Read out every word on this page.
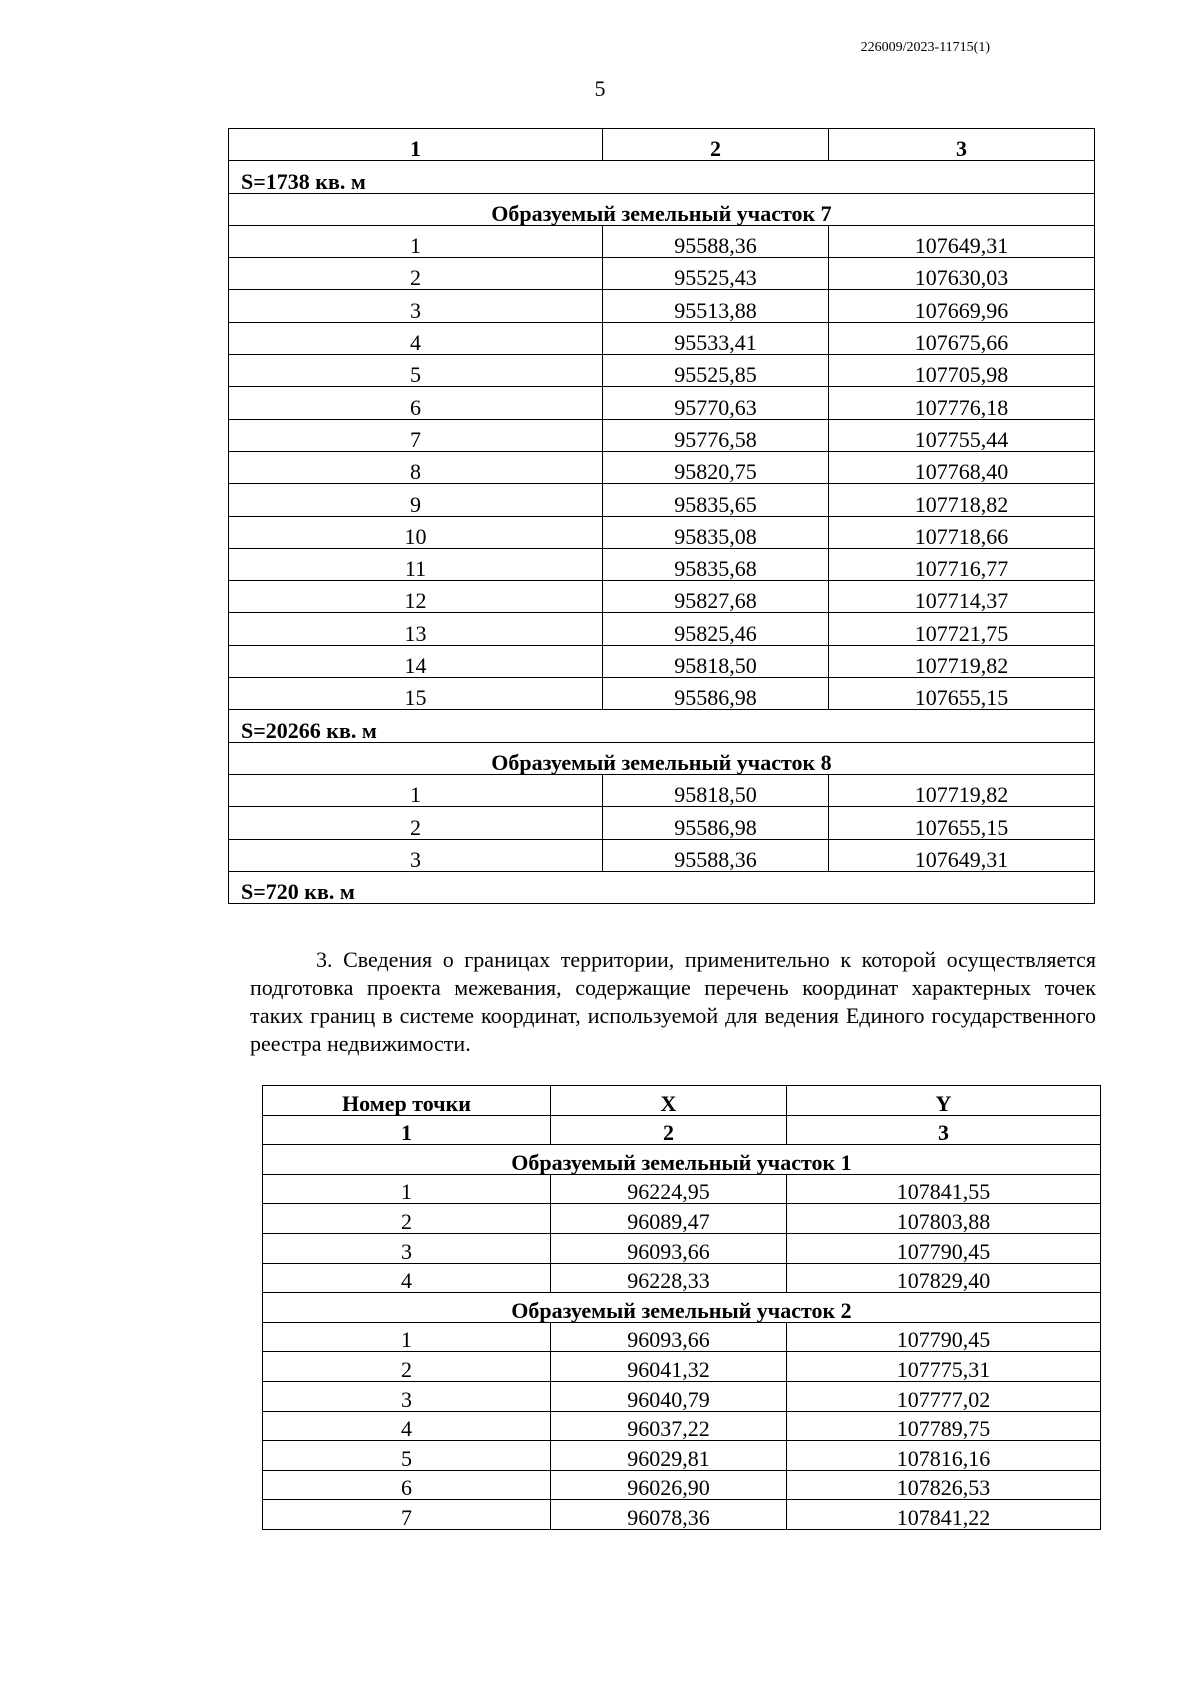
226009/2023-11715(1)
5
1	2	3
S=1738 кв. м		
Образуемый земельный участок 7		
1	95588,36	107649,31
2	95525,43	107630,03
3	95513,88	107669,96
4	95533,41	107675,66
5	95525,85	107705,98
6	95770,63	107776,18
7	95776,58	107755,44
8	95820,75	107768,40
9	95835,65	107718,82
10	95835,08	107718,66
11	95835,68	107716,77
12	95827,68	107714,37
13	95825,46	107721,75
14	95818,50	107719,82
15	95586,98	107655,15
S=20266 кв. м		
Образуемый земельный участок 8		
1	95818,50	107719,82
2	95586,98	107655,15
3	95588,36	107649,31
S=720 кв. м		

3. Сведения о границах территории, применительно к которой осуществляется подготовка проекта межевания, содержащие перечень координат характерных точек таких границ в системе координат, используемой для ведения Единого государственного реестра недвижимости.

Номер точки	X	Y
1	2	3
Образуемый земельный участок 1		
1	96224,95	107841,55
2	96089,47	107803,88
3	96093,66	107790,45
4	96228,33	107829,40
Образуемый земельный участок 2		
1	96093,66	107790,45
2	96041,32	107775,31
3	96040,79	107777,02
4	96037,22	107789,75
5	96029,81	107816,16
6	96026,90	107826,53
7	96078,36	107841,22
